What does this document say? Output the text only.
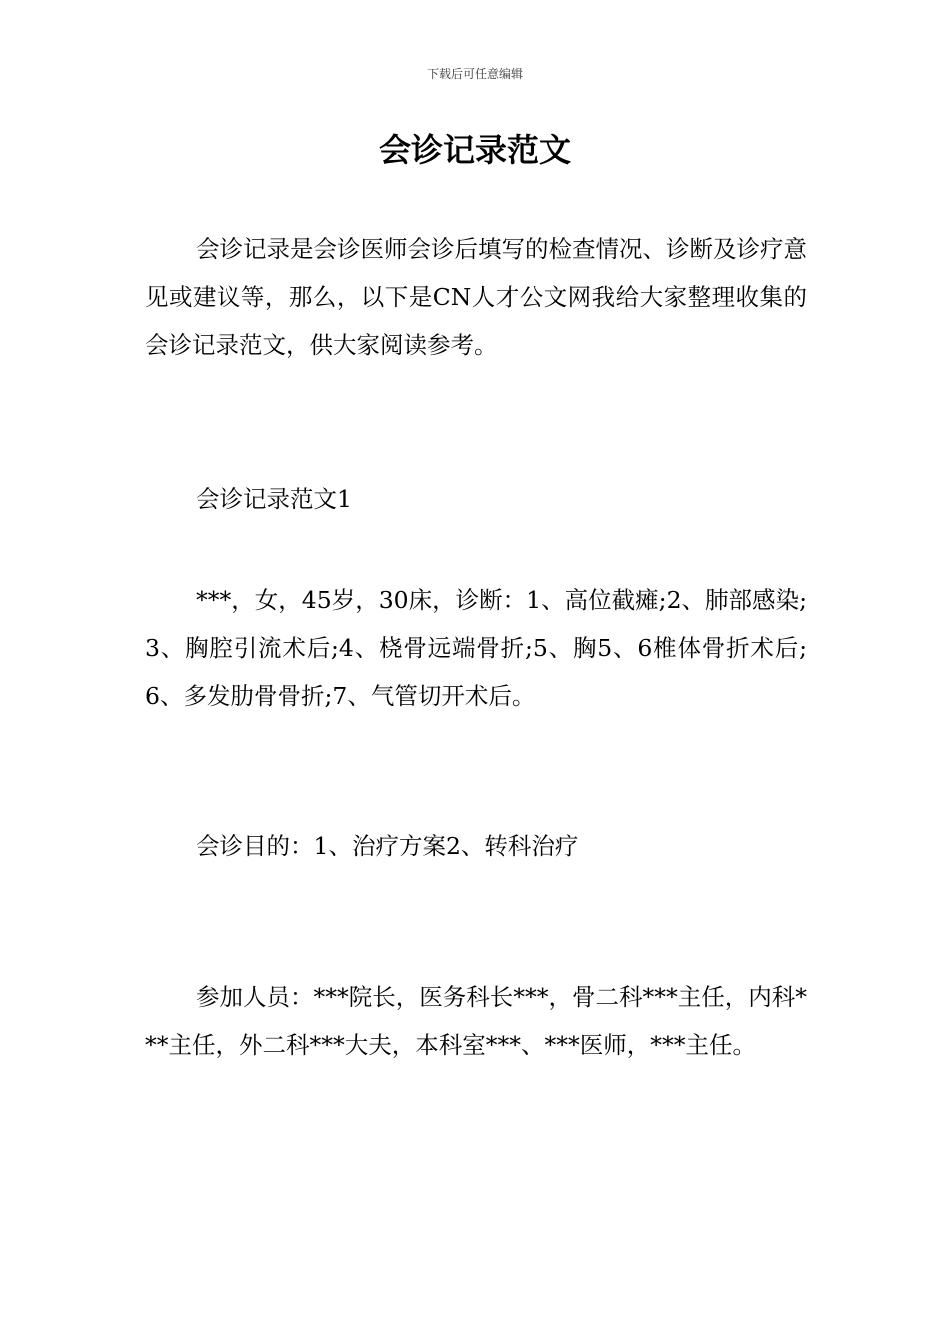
下载后可任意编辑
会诊记录范文

会诊记录是会诊医师会诊后填写的检查情况、诊断及诊疗意见或建议等，那么，以下是CN人才公文网我给大家整理收集的会诊记录范文，供大家阅读参考。

会诊记录范文1

***，女，45岁，30床，诊断：1、高位截瘫;2、肺部感染;3、胸腔引流术后;4、桡骨远端骨折;5、胸5、6椎体骨折术后;6、多发肋骨骨折;7、气管切开术后。

会诊目的：1、治疗方案2、转科治疗

参加人员：***院长，医务科长***，骨二科***主任，内科***主任，外二科***大夫，本科室***、***医师，***主任。
